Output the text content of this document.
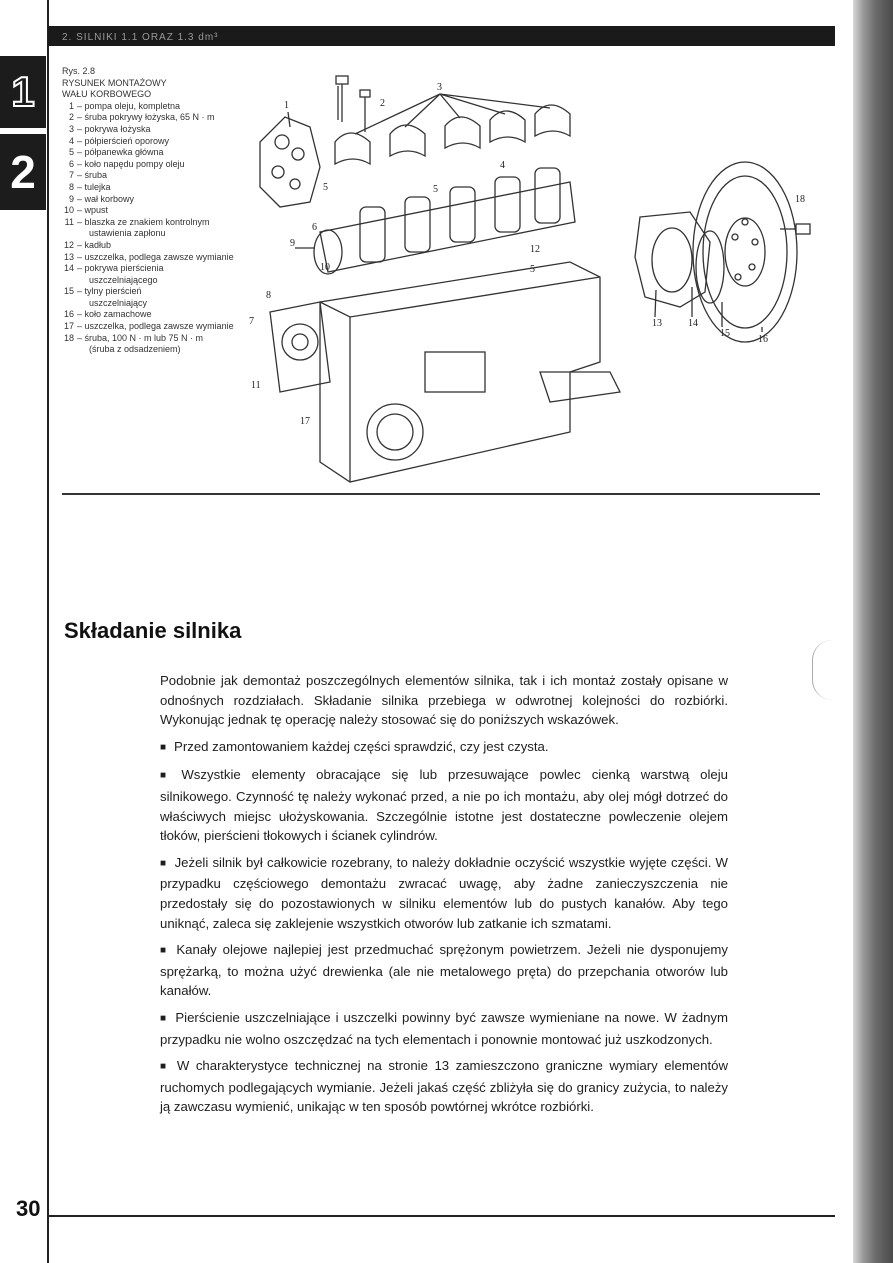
2. SILNIKI 1.1 ORAZ 1.3 dm³
1
2
Rys. 2.8
RYSUNEK MONTAŻOWY
WAŁU KORBOWEGO
1 – pompa oleju, kompletna
2 – śruba pokrywy łożyska, 65 N · m
3 – pokrywa łożyska
4 – półpierścień oporowy
5 – półpanewka główna
6 – koło napędu pompy oleju
7 – śruba
8 – tulejka
9 – wał korbowy
10 – wpust
11 – blaszka ze znakiem kontrolnym
ustawienia zapłonu
12 – kadłub
13 – uszczelka, podlega zawsze wymianie
14 – pokrywa pierścienia
uszczelniającego
15 – tylny pierścień
uszczelniający
16 – koło zamachowe
17 – uszczelka, podlega zawsze wymianie
18 – śruba, 100 N · m lub 75 N · m
(śruba z odsadzeniem)
1	2
3
4
5	5
5
6
7
8
9
10
11
12
13	14
15
16
17
18
Składanie silnika

Podobnie jak demontaż poszczególnych elementów silnika, tak i ich montaż zostały opisane w odnośnych rozdziałach. Składanie silnika przebiega w odwrotnej kolejności do rozbiórki. Wykonując jednak tę operację należy stosować się do poniższych wskazówek.

■ Przed zamontowaniem każdej części sprawdzić, czy jest czysta.

■ Wszystkie elementy obracające się lub przesuwające powlec cienką warstwą oleju silnikowego. Czynność tę należy wykonać przed, a nie po ich montażu, aby olej mógł dotrzeć do właściwych miejsc ułożyskowania. Szczególnie istotne jest dostateczne powleczenie olejem tłoków, pierścieni tłokowych i ścianek cylindrów.

■ Jeżeli silnik był całkowicie rozebrany, to należy dokładnie oczyścić wszystkie wyjęte części. W przypadku częściowego demontażu zwracać uwagę, aby żadne zanieczyszczenia nie przedostały się do pozostawionych w silniku elementów lub do pustych kanałów. Aby tego uniknąć, zaleca się zaklejenie wszystkich otworów lub zatkanie ich szmatami.

■ Kanały olejowe najlepiej jest przedmuchać sprężonym powietrzem. Jeżeli nie dysponujemy sprężarką, to można użyć drewienka (ale nie metalowego pręta) do przepchania otworów lub kanałów.

■ Pierścienie uszczelniające i uszczelki powinny być zawsze wymieniane na nowe. W żadnym przypadku nie wolno oszczędzać na tych elementach i ponownie montować już uszkodzonych.

■ W charakterystyce technicznej na stronie 13 zamieszczono graniczne wymiary elementów ruchomych podlegających wymianie. Jeżeli jakaś część zbliżyła się do granicy zużycia, to należy ją zawczasu wymienić, unikając w ten sposób powtórnej wkrótce rozbiórki.

30
